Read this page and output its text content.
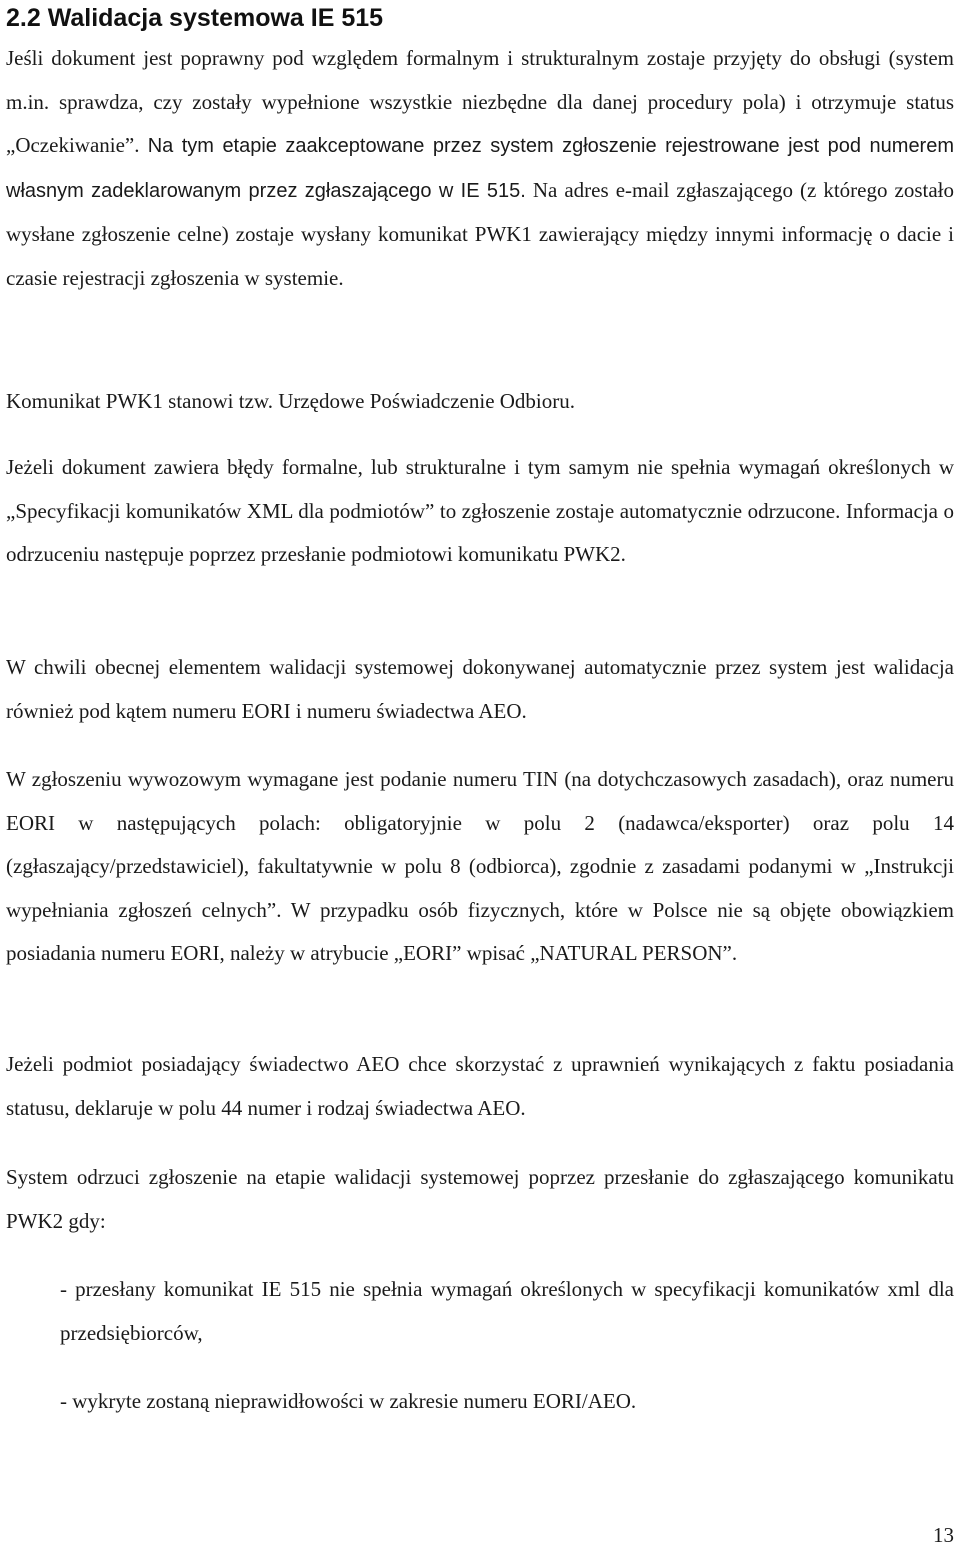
2.2 Walidacja systemowa IE 515

Jeśli dokument jest poprawny pod względem formalnym i strukturalnym zostaje przyjęty do obsługi (system m.in. sprawdza, czy zostały wypełnione wszystkie niezbędne dla danej procedury pola) i otrzymuje status „Oczekiwanie”. Na tym etapie zaakceptowane przez system zgłoszenie rejestrowane jest pod numerem własnym zadeklarowanym przez zgłaszającego w IE 515. Na adres e-mail zgłaszającego (z którego zostało wysłane zgłoszenie celne) zostaje wysłany komunikat PWK1 zawierający między innymi informację o dacie i czasie rejestracji zgłoszenia w systemie.

Komunikat PWK1 stanowi tzw. Urzędowe Poświadczenie Odbioru.

Jeżeli dokument zawiera błędy formalne, lub strukturalne i tym samym nie spełnia wymagań określonych w „Specyfikacji komunikatów XML dla podmiotów” to zgłoszenie zostaje automatycznie odrzucone. Informacja o odrzuceniu następuje poprzez przesłanie podmiotowi komunikatu PWK2.

W chwili obecnej elementem walidacji systemowej dokonywanej automatycznie przez system jest walidacja również pod kątem numeru EORI i numeru świadectwa AEO.

W zgłoszeniu wywozowym wymagane jest podanie numeru TIN (na dotychczasowych zasadach), oraz numeru EORI w następujących polach: obligatoryjnie w polu 2 (nadawca/eksporter) oraz polu 14 (zgłaszający/przedstawiciel), fakultatywnie w polu 8 (odbiorca), zgodnie z zasadami podanymi w „Instrukcji wypełniania zgłoszeń celnych”. W przypadku osób fizycznych, które w Polsce nie są objęte obowiązkiem posiadania numeru EORI, należy w atrybucie „EORI” wpisać „NATURAL PERSON”.

Jeżeli podmiot posiadający świadectwo AEO chce skorzystać z uprawnień wynikających z faktu posiadania statusu, deklaruje w polu 44 numer i rodzaj świadectwa AEO.

System odrzuci zgłoszenie na etapie walidacji systemowej poprzez przesłanie do zgłaszającego komunikatu PWK2 gdy:

- przesłany komunikat IE 515 nie spełnia wymagań określonych w specyfikacji komunikatów xml dla przedsiębiorców,

- wykryte zostaną nieprawidłowości w zakresie numeru EORI/AEO.

13
